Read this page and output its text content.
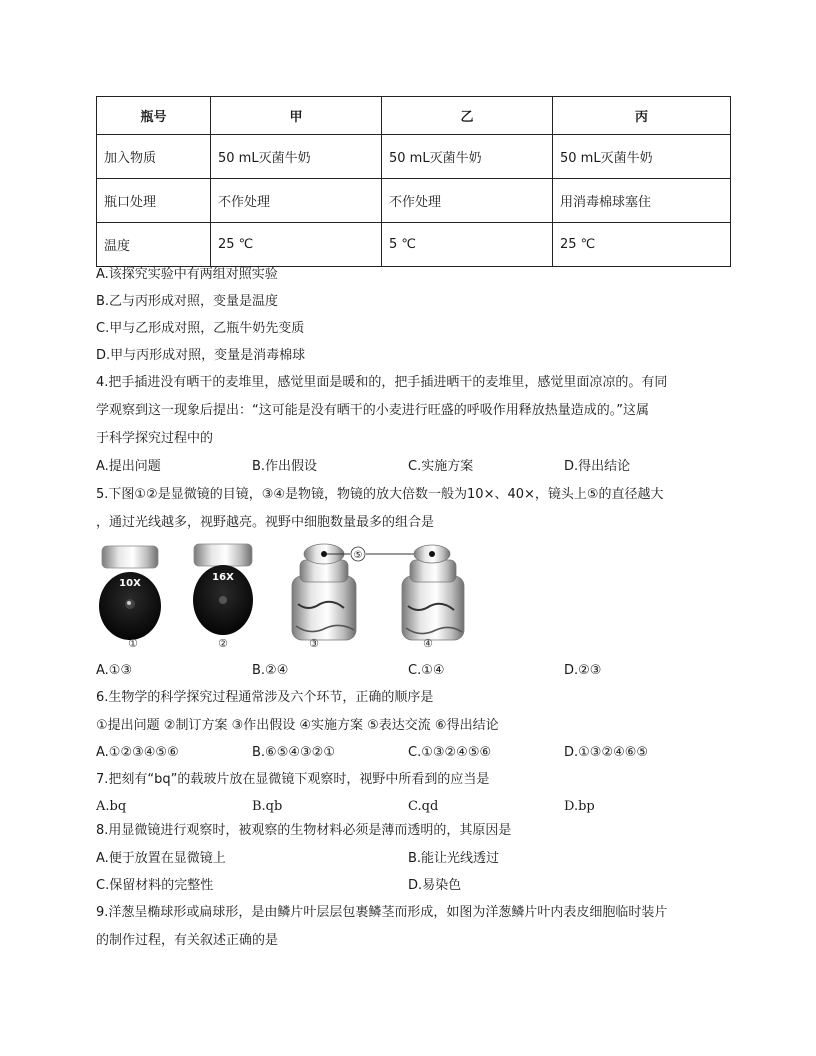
瓶号	甲	乙	丙
加入物质	50 mL灭菌牛奶	50 mL灭菌牛奶	50 mL灭菌牛奶
瓶口处理	不作处理	不作处理	用消毒棉球塞住
温度	25 ℃	5 ℃	25 ℃
A.该探究实验中有两组对照实验
B.乙与丙形成对照，变量是温度
C.甲与乙形成对照，乙瓶牛奶先变质
D.甲与丙形成对照，变量是消毒棉球
4.把手插进没有晒干的麦堆里，感觉里面是暖和的，把手插进晒干的麦堆里，感觉里面凉凉的。有同
学观察到这一现象后提出：“这可能是没有晒干的小麦进行旺盛的呼吸作用释放热量造成的。”这属
于科学探究过程中的
A.提出问题	B.作出假设	C.实施方案	D.得出结论
5.下图①②是显微镜的目镜，③④是物镜，物镜的放大倍数一般为10×、40×，镜头上⑤的直径越大
，通过光线越多，视野越亮。视野中细胞数量最多的组合是
10X
16X
⑤
①	②	③	④
A.①③	B.②④	C.①④	D.②③
6.生物学的科学探究过程通常涉及六个环节，正确的顺序是
①提出问题 ②制订方案 ③作出假设 ④实施方案 ⑤表达交流 ⑥得出结论
A.①②③④⑤⑥	B.⑥⑤④③②①	C.①③②④⑤⑥	D.①③②④⑥⑤
7.把刻有“bq”的载玻片放在显微镜下观察时，视野中所看到的应当是
A.bq	B.qb	C.qd	D.bp
8.用显微镜进行观察时，被观察的生物材料必须是薄而透明的，其原因是
A.便于放置在显微镜上	B.能让光线透过
C.保留材料的完整性	D.易染色
9.洋葱呈椭球形或扁球形，是由鳞片叶层层包裹鳞茎而形成，如图为洋葱鳞片叶内表皮细胞临时装片
的制作过程，有关叙述正确的是
